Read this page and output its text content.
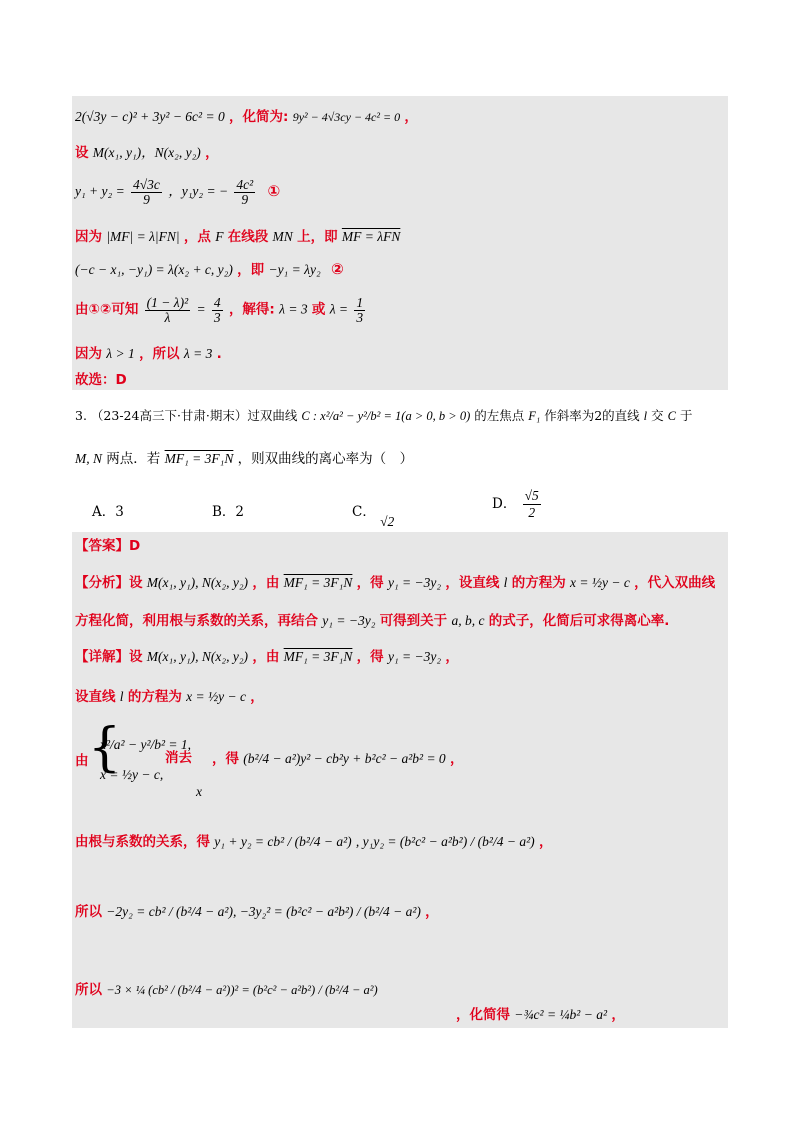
2(√3y − c)² + 3y² − 6c² = 0 ，化简为: 9y² − 4√3cy − 4c² = 0 ，
设 M(x₁, y₁)，N(x₂, y₂) ，
$y_1 + y_2 = \frac{4√3c}{9}$ ，y₁y₂ = − $\frac{\text{4c²}}{9}$ ①
因为 |MF| = λ|FN| ，点 F 在线段 MN 上，即 MF = λFN
(−c − x₁, −y₁) = λ(x₂ + c, y₂) ，即 −y₁ = λy₂ ②
由①②可知 $\frac{\text{(1 − λ)²}}{\lambda} = \frac{4}{3}$ ，解得: λ = 3 或 $\lambda = \frac{1}{3}$
因为 λ > 1 ，所以 λ = 3 .
故选：D
3. （23-24高三下·甘肃·期末）过双曲线 C : x²/a² − y²/b² = 1(a > 0, b > 0) 的左焦点 F₁ 作斜率为2的直线 l 交 C 于
M, N 两点．若 MF₁ = 3F₁N ，则双曲线的离心率为（　）
A．3	B．2	C． √2
D． $\frac{√5}{2}$
【答案】D
【分析】设 M(x₁, y₁), N(x₂, y₂) ，由 MF₁ = 3F₁N ，得 y₁ = −3y₂ ，设直线 l 的方程为 x = ½y − c ，代入双曲线
方程化简，利用根与系数的关系，再结合 y₁ = −3y₂ 可得到关于 a, b, c 的式子，化简后可求得离心率.
【详解】设 M(x₁, y₁), N(x₂, y₂) ，由 MF₁ = 3F₁N ，得 y₁ = −3y₂ ，
设直线 l 的方程为 x = ½y − c ，
由 {
x²/a² − y²/b² = 1,
x = ½y − c,
消去
x
，得 (b²/4 − a²)y² − cb²y + b²c² − a²b² = 0 ，
由根与系数的关系，得 y₁ + y₂ = cb² / (b²/4 − a²) , y₁y₂ = (b²c² − a²b²) / (b²/4 − a²) ，
所以 −2y₂ = cb² / (b²/4 − a²), −3y₂² = (b²c² − a²b²) / (b²/4 − a²) ，
所以 −3 × ¼ (cb² / (b²/4 − a²))² = (b²c² − a²b²) / (b²/4 − a²)
，化简得 −¾c² = ¼b² − a² ，
